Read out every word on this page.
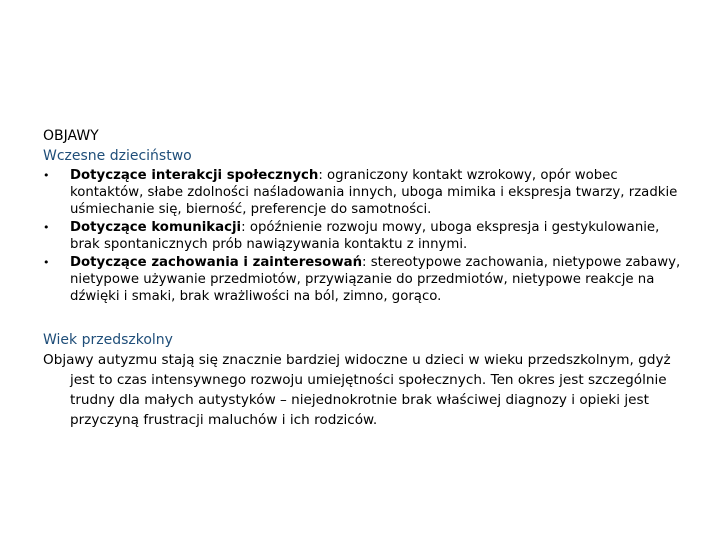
OBJAWY

Wczesne dzieciństwo

• Dotyczące interakcji społecznych: ograniczony kontakt wzrokowy, opór wobec kontaktów, słabe zdolności naśladowania innych, uboga mimika i ekspresja twarzy, rzadkie uśmiechanie się, bierność, preferencje do samotności.
• Dotyczące komunikacji: opóźnienie rozwoju mowy, uboga ekspresja i gestykulowanie, brak spontanicznych prób nawiązywania kontaktu z innymi.
• Dotyczące zachowania i zainteresowań: stereotypowe zachowania, nietypowe zabawy, nietypowe używanie przedmiotów, przywiązanie do przedmiotów, nietypowe reakcje na dźwięki i smaki, brak wrażliwości na ból, zimno, gorąco.

Wiek przedszkolny

Objawy autyzmu stają się znacznie bardziej widoczne u dzieci w wieku przedszkolnym, gdyż jest to czas intensywnego rozwoju umiejętności społecznych. Ten okres jest szczególnie trudny dla małych autystyków – niejednokrotnie brak właściwej diagnozy i opieki jest przyczyną frustracji maluchów i ich rodziców.
